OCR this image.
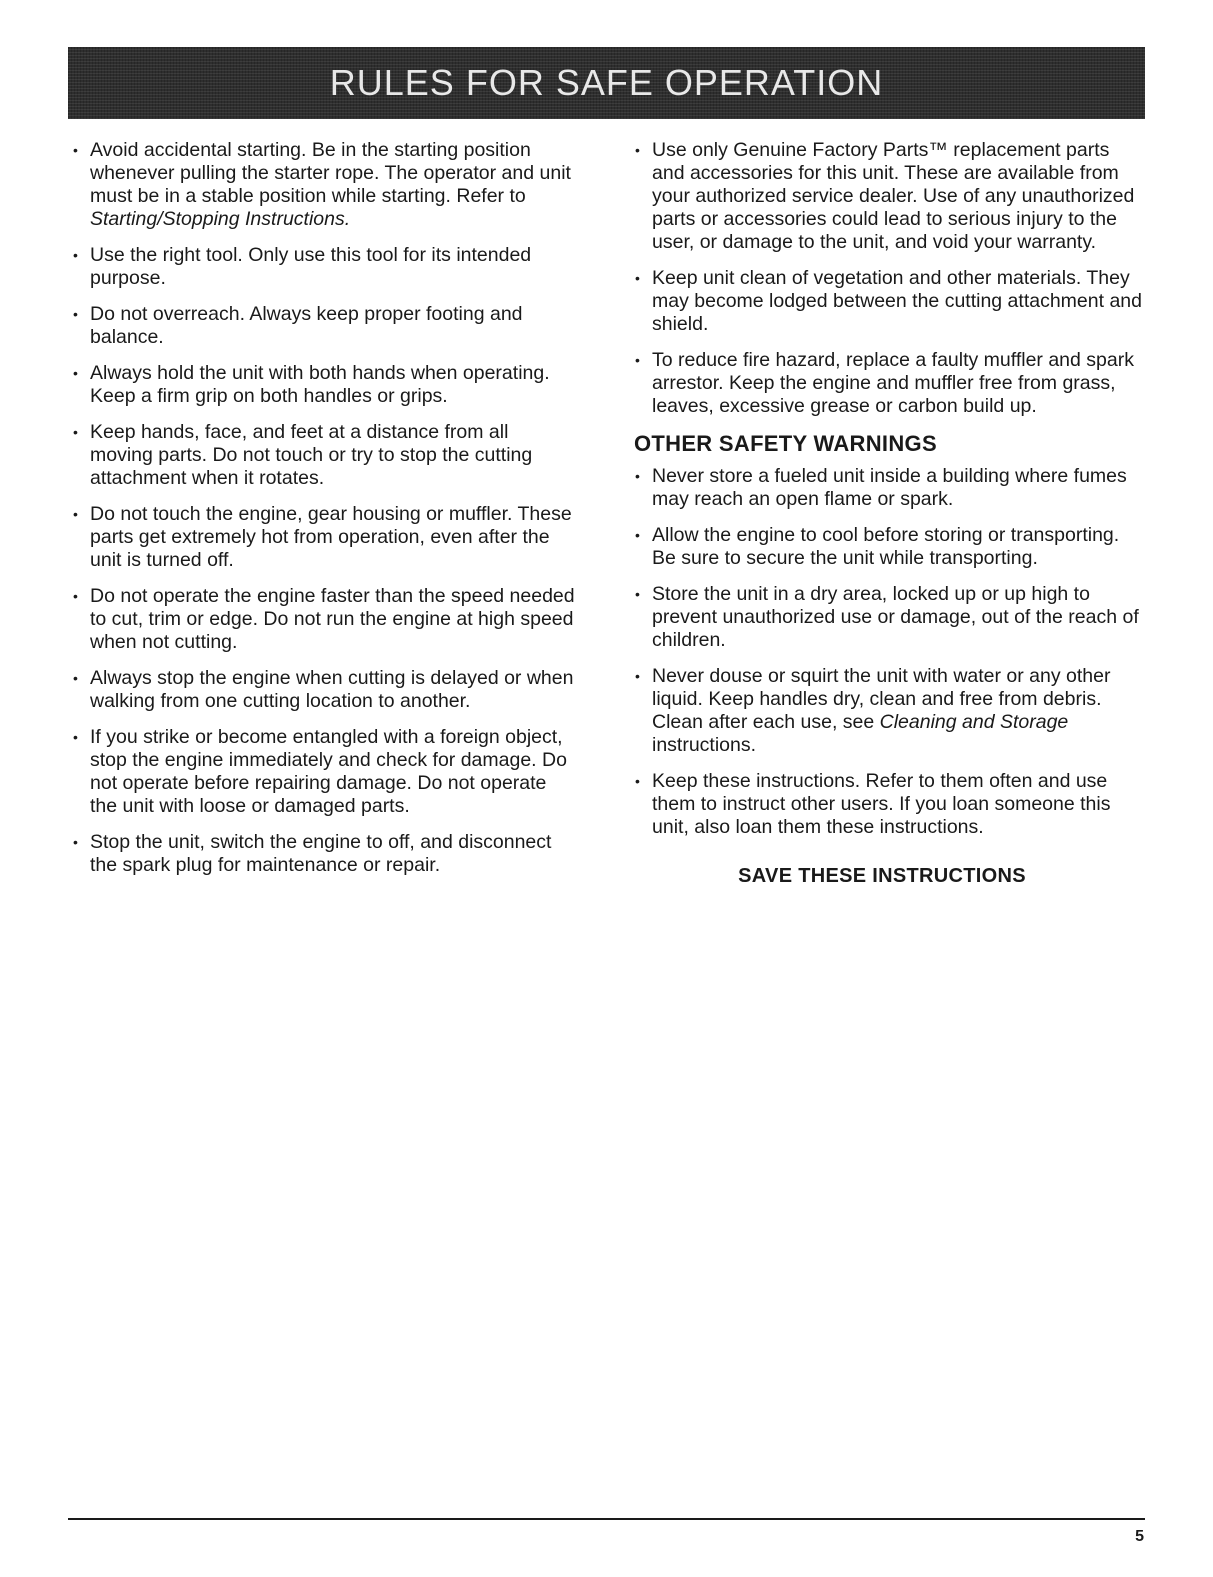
RULES FOR SAFE OPERATION
• Avoid accidental starting. Be in the starting position whenever pulling the starter rope. The operator and unit must be in a stable position while starting. Refer to Starting/Stopping Instructions.
• Use the right tool. Only use this tool for its intended purpose.
• Do not overreach. Always keep proper footing and balance.
• Always hold the unit with both hands when operating. Keep a firm grip on both handles or grips.
• Keep hands, face, and feet at a distance from all moving parts. Do not touch or try to stop the cutting attachment when it rotates.
• Do not touch the engine, gear housing or muffler. These parts get extremely hot from operation, even after the unit is turned off.
• Do not operate the engine faster than the speed needed to cut, trim or edge. Do not run the engine at high speed when not cutting.
• Always stop the engine when cutting is delayed or when walking from one cutting location to another.
• If you strike or become entangled with a foreign object, stop the engine immediately and check for damage. Do not operate before repairing damage. Do not operate the unit with loose or damaged parts.
• Stop the unit, switch the engine to off, and disconnect the spark plug for maintenance or repair.
• Use only Genuine Factory Parts™ replacement parts and accessories for this unit. These are available from your authorized service dealer. Use of any unauthorized parts or accessories could lead to serious injury to the user, or damage to the unit, and void your warranty.
• Keep unit clean of vegetation and other materials. They may become lodged between the cutting attachment and shield.
• To reduce fire hazard, replace a faulty muffler and spark arrestor. Keep the engine and muffler free from grass, leaves, excessive grease or carbon build up.
OTHER SAFETY WARNINGS
• Never store a fueled unit inside a building where fumes may reach an open flame or spark.
• Allow the engine to cool before storing or transporting. Be sure to secure the unit while transporting.
• Store the unit in a dry area, locked up or up high to prevent unauthorized use or damage, out of the reach of children.
• Never douse or squirt the unit with water or any other liquid. Keep handles dry, clean and free from debris. Clean after each use, see Cleaning and Storage instructions.
• Keep these instructions. Refer to them often and use them to instruct other users. If you loan someone this unit, also loan them these instructions.
SAVE THESE INSTRUCTIONS
5
